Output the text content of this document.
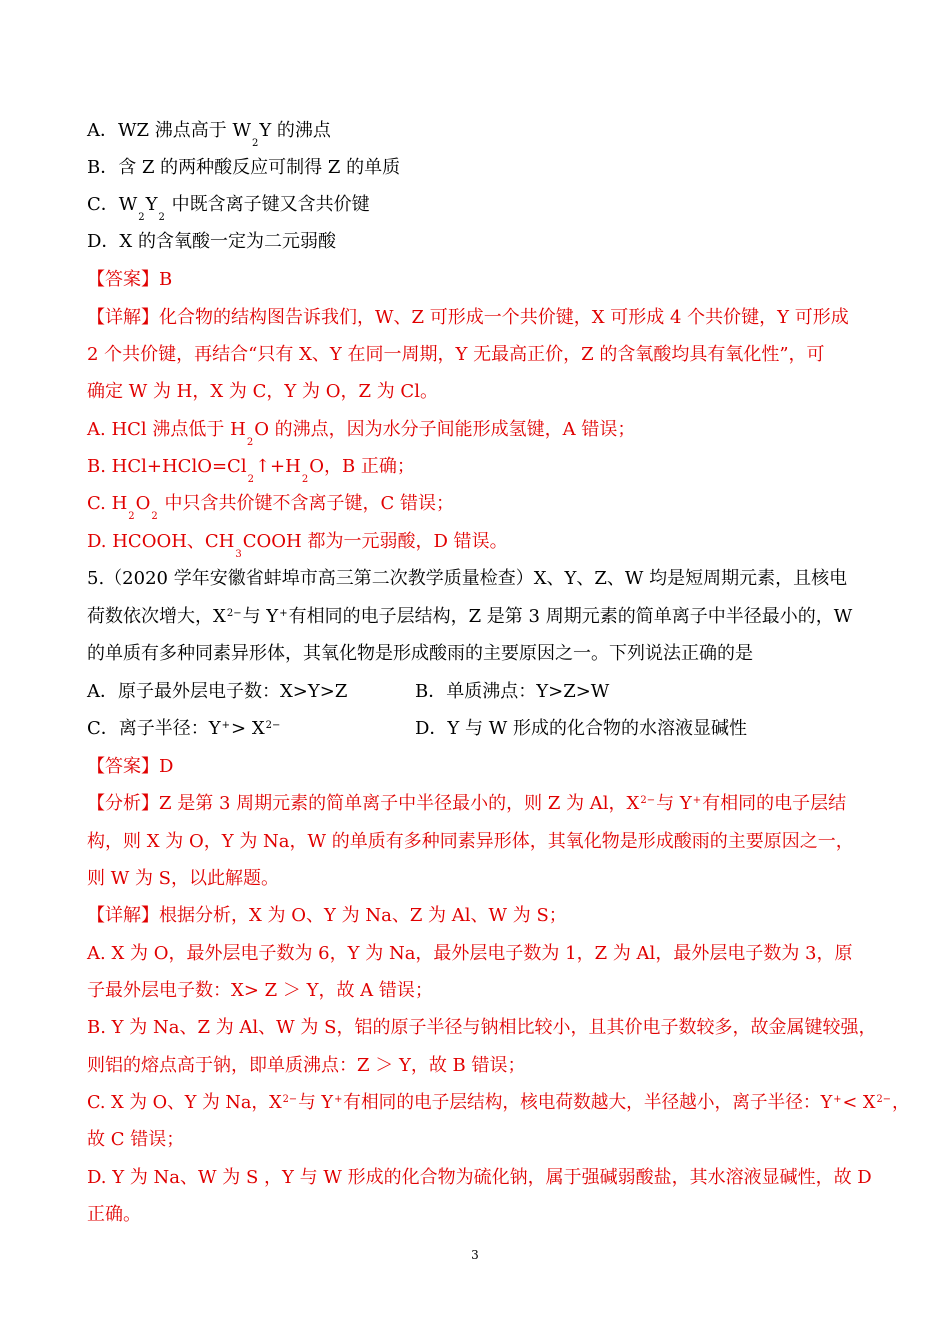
A．WZ 沸点高于 W2Y 的沸点
B．含 Z 的两种酸反应可制得 Z 的单质
C．W2Y2 中既含离子键又含共价键
D．X 的含氧酸一定为二元弱酸
【答案】B
【详解】化合物的结构图告诉我们，W、Z 可形成一个共价键，X 可形成 4 个共价键，Y 可形成
2 个共价键，再结合“只有 X、Y 在同一周期，Y 无最高正价，Z 的含氧酸均具有氧化性”，可
确定 W 为 H，X 为 C，Y 为 O，Z 为 Cl。
A. HCl 沸点低于 H2O 的沸点，因为水分子间能形成氢键，A 错误；
B. HCl+HClO=Cl2↑+H2O，B 正确；
C. H2O2 中只含共价键不含离子键，C 错误；
D. HCOOH、CH3COOH 都为一元弱酸，D 错误。
5.（2020 学年安徽省蚌埠市高三第二次教学质量检查）X、Y、Z、W 均是短周期元素，且核电
荷数依次增大，X2−与 Y+有相同的电子层结构，Z 是第 3 周期元素的简单离子中半径最小的，W
的单质有多种同素异形体，其氧化物是形成酸雨的主要原因之一。下列说法正确的是
A．原子最外层电子数：X>Y>Z	B．单质沸点：Y>Z>W
C．离子半径：Y+> X2−	D．Y 与 W 形成的化合物的水溶液显碱性
【答案】D
【分析】Z 是第 3 周期元素的简单离子中半径最小的，则 Z 为 Al，X2−与 Y+有相同的电子层结
构，则 X 为 O，Y 为 Na，W 的单质有多种同素异形体，其氧化物是形成酸雨的主要原因之一，
则 W 为 S，以此解题。
【详解】根据分析，X 为 O、Y 为 Na、Z 为 Al、W 为 S；
A. X 为 O，最外层电子数为 6，Y 为 Na，最外层电子数为 1，Z 为 Al，最外层电子数为 3，原
子最外层电子数：X> Z ＞ Y，故 A 错误；
B. Y 为 Na、Z 为 Al、W 为 S，铝的原子半径与钠相比较小，且其价电子数较多，故金属键较强，
则铝的熔点高于钠，即单质沸点：Z ＞ Y，故 B 错误；
C. X 为 O、Y 为 Na，X2−与 Y+有相同的电子层结构，核电荷数越大，半径越小，离子半径：Y+< X2−，
故 C 错误；
D. Y 为 Na、W 为 S ，Y 与 W 形成的化合物为硫化钠，属于强碱弱酸盐，其水溶液显碱性，故 D
正确。
3
